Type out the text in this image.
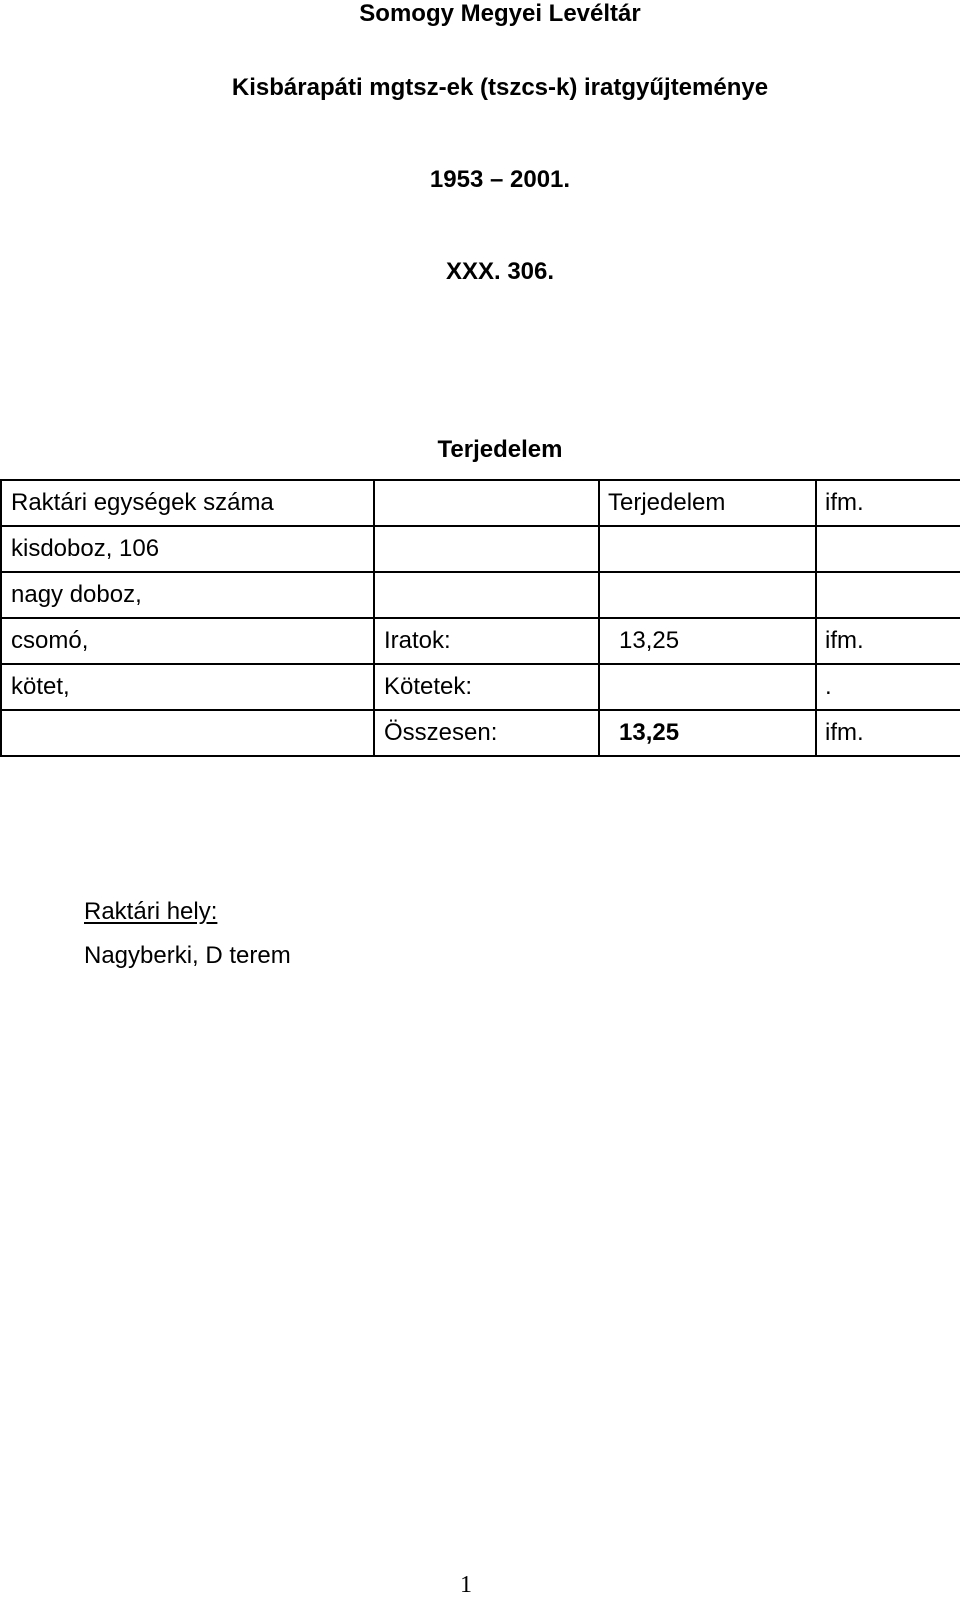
Somogy Megyei Levéltár
Kisbárapáti mgtsz-ek (tszcs-k) iratgyűjteménye
1953 – 2001.
XXX. 306.
Terjedelem
Raktári egységek száma		Terjedelem	ifm.
kisdoboz, 106			
nagy doboz,			
csomó,	Iratok:	13,25	ifm.
kötet,	Kötetek:		.
	Összesen:	13,25	ifm.
Raktári hely:
Nagyberki, D terem
1
